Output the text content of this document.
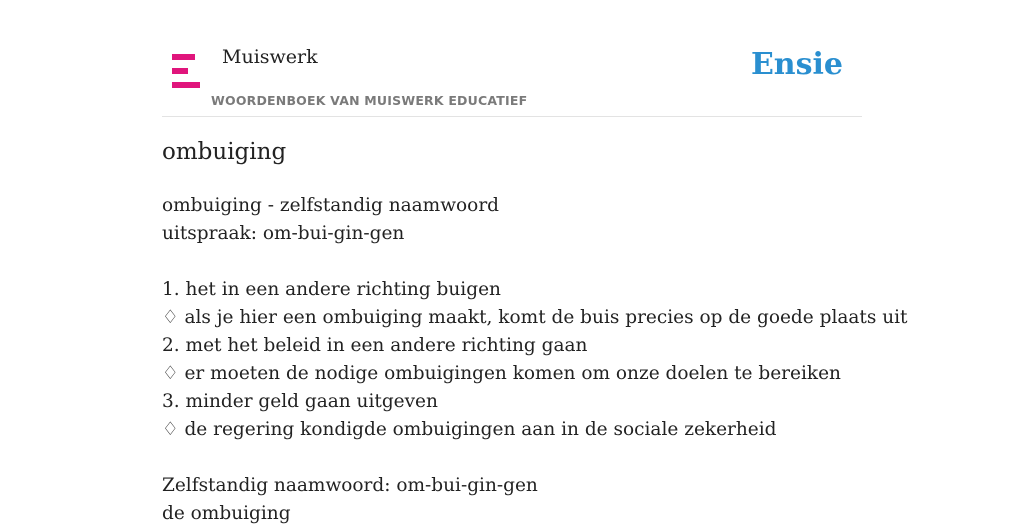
Muiswerk
WOORDENBOEK VAN MUISWERK EDUCATIEF
Ensie
ombuiging
ombuiging - zelfstandig naamwoord
uitspraak: om-bui-gin-gen
1. het in een andere richting buigen
♢ als je hier een ombuiging maakt, komt de buis precies op de goede plaats uit
2. met het beleid in een andere richting gaan
♢ er moeten de nodige ombuigingen komen om onze doelen te bereiken
3. minder geld gaan uitgeven
♢ de regering kondigde ombuigingen aan in de sociale zekerheid
Zelfstandig naamwoord: om-bui-gin-gen
de ombuiging
